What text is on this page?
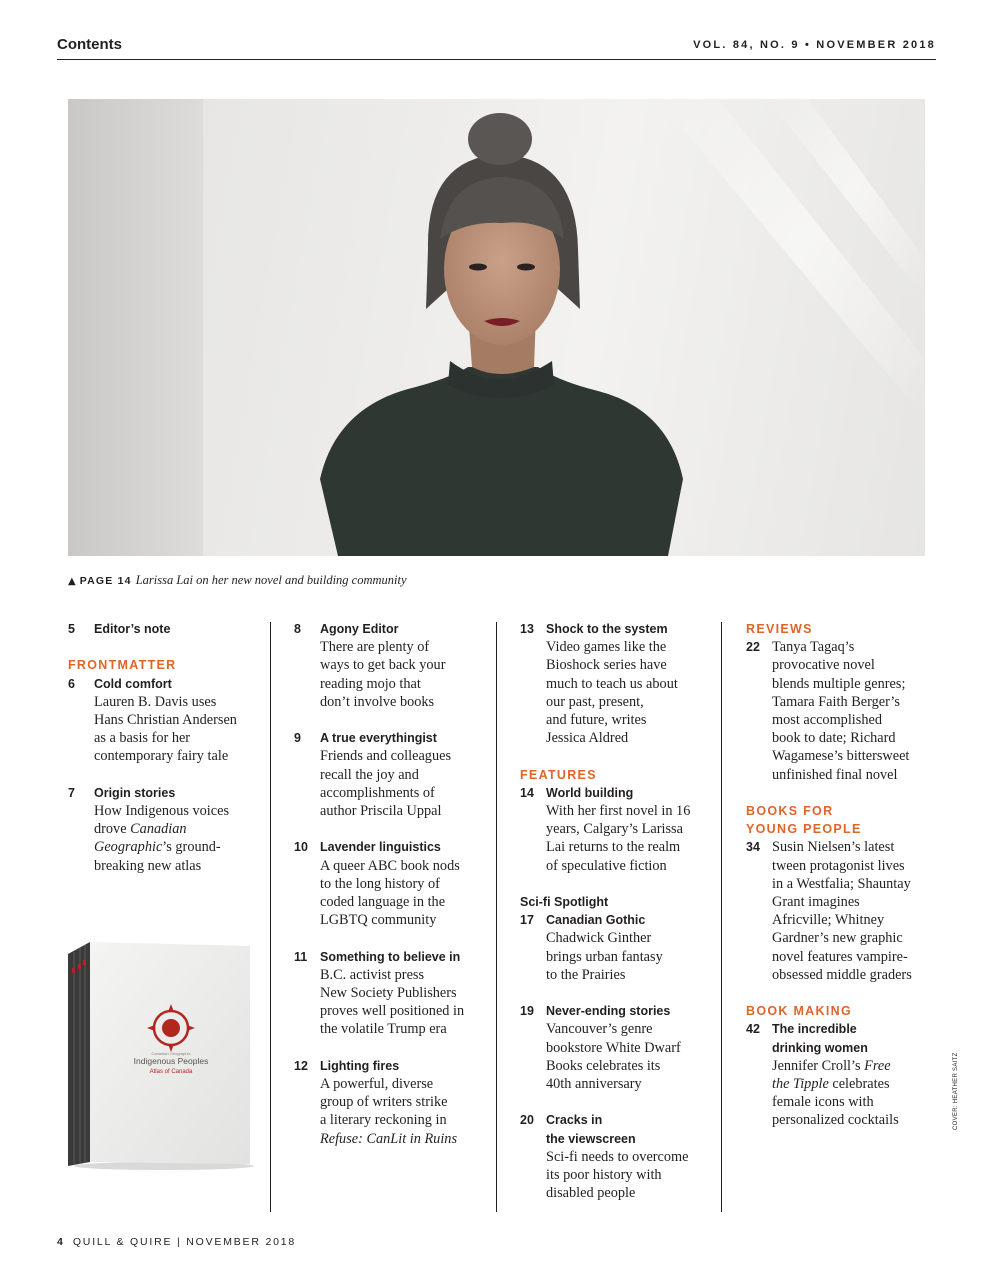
Contents	VOL. 84, NO. 9 • NOVEMBER 2018
▲ PAGE 14 Larissa Lai on her new novel and building community
5	Editor’s note
FRONTMATTER
6	Cold comfort
Lauren B. Davis uses
Hans Christian Andersen
as a basis for her
contemporary fairy tale
7	Origin stories
How Indigenous voices
drove Canadian
Geographic’s ground-
breaking new atlas
Canadian Geographic
Indigenous Peoples
Atlas of Canada
8	Agony Editor
There are plenty of
ways to get back your
reading mojo that
don’t involve books
9	A true everythingist
Friends and colleagues
recall the joy and
accomplishments of
author Priscila Uppal
10 Lavender linguistics
A queer ABC book nods
to the long history of
coded language in the
LGBTQ community
11	Something to believe in
B.C. activist press
New Society Publishers
proves well positioned in
the volatile Trump era
12 Lighting fires
A powerful, diverse
group of writers strike
a literary reckoning in
Refuse: CanLit in Ruins
13 Shock to the system
Video games like the
Bioshock series have
much to teach us about
our past, present,
and future, writes
Jessica Aldred
FEATURES
14 World building
With her first novel in 16
years, Calgary’s Larissa
Lai returns to the realm
of speculative fiction
Sci-fi Spotlight
17 Canadian Gothic
Chadwick Ginther
brings urban fantasy
to the Prairies
19 Never-ending stories
Vancouver’s genre
bookstore White Dwarf
Books celebrates its
40th anniversary
20 Cracks in
the viewscreen
Sci-fi needs to overcome
its poor history with
disabled people
REVIEWS
22 Tanya Tagaq’s
provocative novel
blends multiple genres;
Tamara Faith Berger’s
most accomplished
book to date; Richard
Wagamese’s bittersweet
unfinished final novel
BOOKS FOR
YOUNG PEOPLE
34 Susin Nielsen’s latest
tween protagonist lives
in a Westfalia; Shauntay
Grant imagines
Africville; Whitney
Gardner’s new graphic
novel features vampire-
obsessed middle graders
BOOK MAKING
42 The incredible
drinking women
Jennifer Croll’s Free
the Tipple celebrates
female icons with
personalized cocktails	COVER: HEATHER SAITZ
4 QUILL & QUIRE | NOVEMBER 2018
